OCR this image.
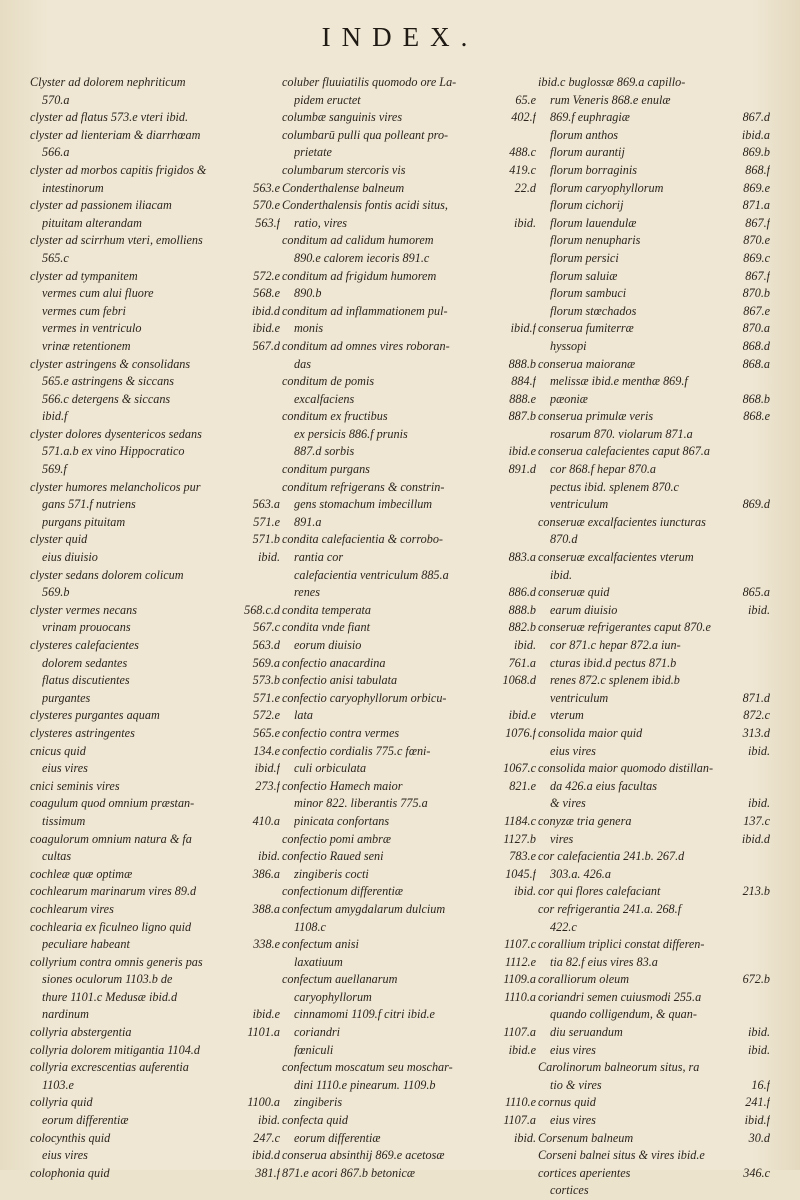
INDEX.
Clyster ad dolorem nephriticum
570.a
clyster ad flatus 573.e vteri ibid.
clyster ad lienteriam & diarrhœam
566.a
clyster ad morbos capitis frigidos &
intestinorum	563.e
clyster ad passionem iliacam	570.e
pituitam alterandam	563.f
clyster ad scirrhum vteri, emolliens
565.c
clyster ad tympanitem	572.e
vermes cum alui fluore	568.e
vermes cum febri	ibid.d
vermes in ventriculo	ibid.e
vrinæ retentionem	567.d
clyster astringens & consolidans
565.e astringens & siccans
566.c detergens & siccans
ibid.f
clyster dolores dysentericos sedans
571.a.b ex vino Hippocratico
569.f
clyster humores melancholicos pur
gans 571.f nutriens	563.a
purgans pituitam	571.e
clyster quid	571.b
eius diuisio	ibid.
clyster sedans dolorem colicum
569.b
clyster vermes necans	568.c.d
vrinam prouocans	567.c
clysteres calefacientes	563.d
dolorem sedantes	569.a
flatus discutientes	573.b
purgantes	571.e
clysteres purgantes aquam	572.e
clysteres astringentes	565.e
cnicus quid	134.e
eius vires	ibid.f
cnici seminis vires	273.f
coagulum quod omnium præstan-
tissimum	410.a
coagulorum omnium natura & fa
cultas	ibid.
cochleæ quæ optimæ	386.a
cochlearum marinarum vires 89.d
cochlearum vires	388.a
cochlearia ex ficulneo ligno quid
peculiare habeant	338.e
collyrium contra omnis generis pas
siones oculorum 1103.b de
thure 1101.c Medusæ ibid.d
nardinum	ibid.e
collyria abstergentia	1101.a
collyria dolorem mitigantia 1104.d
collyria excrescentias auferentia
1103.e
collyria quid	1100.a
eorum differentiæ	ibid.
colocynthis quid	247.c
eius vires	ibid.d
colophonia quid	381.f
coluber fluuiatilis quomodo ore La-
pidem eructet	65.e
columbæ sanguinis vires	402.f
columbarū pulli qua polleant pro-
prietate	488.c
columbarum stercoris vis	419.c
Conderthalense balneum	22.d
Conderthalensis fontis acidi situs,
ratio, vires	ibid.
conditum ad calidum humorem
890.e calorem iecoris 891.c
conditum ad frigidum humorem
890.b
conditum ad inflammationem pul-
monis	ibid.f
conditum ad omnes vires roboran-
das	888.b
conditum de pomis	884.f
excalfaciens	888.e
conditum ex fructibus	887.b
ex persicis 886.f prunis
887.d sorbis	ibid.e
conditum purgans	891.d
conditum refrigerans & constrin-
gens stomachum imbecillum
891.a
condita calefacientia & corrobo-
rantia cor	883.a
calefacientia ventriculum 885.a
renes	886.d
condita temperata	888.b
condita vnde fiant	882.b
eorum diuisio	ibid.
confectio anacardina	761.a
confectio anisi tabulata	1068.d
confectio caryophyllorum orbicu-
lata	ibid.e
confectio contra vermes	1076.f
confectio cordialis 775.c fœni-
culi orbiculata	1067.c
confectio Hamech maior	821.e
minor 822. liberantis 775.a
pinicata confortans	1184.c
confectio pomi ambræ	1127.b
confectio Raued seni	783.e
zingiberis cocti	1045.f
confectionum differentiæ	ibid.
confectum amygdalarum dulcium
1108.c
confectum anisi	1107.c
laxatiuum	1112.e
confectum auellanarum	1109.a
caryophyllorum	1110.a
cinnamomi 1109.f citri ibid.e
coriandri	1107.a
fœniculi	ibid.e
confectum moscatum seu moschar-
dini 1110.e pinearum. 1109.b
zingiberis	1110.e
confecta quid	1107.a
eorum differentiæ	ibid.
conserua absinthij 869.e acetosæ
871.e acori 867.b betonicæ
ibid.c buglossæ 869.a capillo-
rum Veneris 868.e enulæ
869.f euphragiæ	867.d
florum anthos	ibid.a
florum aurantij	869.b
florum borraginis	868.f
florum caryophyllorum	869.e
florum cichorij	871.a
florum lauendulæ	867.f
florum nenupharis	870.e
florum persici	869.c
florum saluiæ	867.f
florum sambuci	870.b
florum stœchados	867.e
conserua fumiterræ	870.a
hyssopi	868.d
conserua maioranæ	868.a
melissæ ibid.e menthæ 869.f
pæoniæ	868.b
conserua primulæ veris	868.e
rosarum 870. violarum 871.a
conserua calefacientes caput 867.a
cor 868.f hepar 870.a
pectus ibid. splenem 870.c
ventriculum	869.d
conseruæ excalfacientes iuncturas
870.d
conseruæ excalfacientes vterum
ibid.
conseruæ quid	865.a
earum diuisio	ibid.
conseruæ refrigerantes caput 870.e
cor 871.c hepar 872.a iun-
cturas ibid.d pectus 871.b
renes 872.c splenem ibid.b
ventriculum	871.d
vterum	872.c
consolida maior quid	313.d
eius vires	ibid.
consolida maior quomodo distillan-
da 426.a eius facultas
& vires	ibid.
conyzæ tria genera	137.c
vires	ibid.d
cor calefacientia 241.b. 267.d
303.a. 426.a
cor qui flores calefaciant	213.b
cor refrigerantia 241.a. 268.f
422.c
corallium triplici constat differen-
tia 82.f eius vires 83.a
coralliorum oleum	672.b
coriandri semen cuiusmodi 255.a
quando colligendum, & quan-
diu seruandum	ibid.
eius vires	ibid.
Carolinorum balneorum situs, ra
tio & vires	16.f
cornus quid	241.f
eius vires	ibid.f
Corsenum balneum	30.d
Corseni balnei situs & vires ibid.e
cortices aperientes	346.c
cortices
